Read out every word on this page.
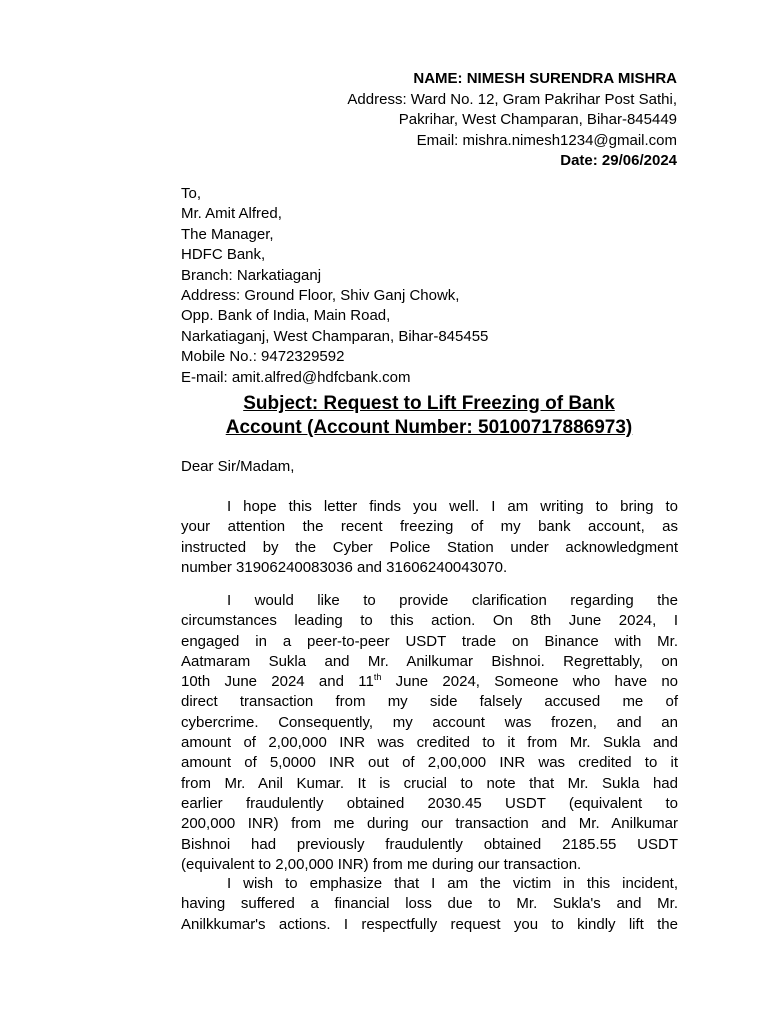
NAME: NIMESH SURENDRA MISHRA
Address: Ward No. 12, Gram Pakrihar Post Sathi,
Pakrihar, West Champaran, Bihar-845449
Email: mishra.nimesh1234@gmail.com
Date: 29/06/2024
To,
Mr. Amit Alfred,
The Manager,
HDFC Bank,
Branch: Narkatiaganj
Address: Ground Floor, Shiv Ganj Chowk,
Opp. Bank of India, Main Road,
Narkatiaganj, West Champaran, Bihar-845455
Mobile No.: 9472329592
E-mail: amit.alfred@hdfcbank.com
Subject: Request to Lift Freezing of Bank
Account (Account Number: 50100717886973)
Dear Sir/Madam,
I hope this letter finds you well. I am writing to bring to
your attention the recent freezing of my bank account, as
instructed by the Cyber Police Station under acknowledgment
number 31906240083036 and 31606240043070.
I would like to provide clarification regarding the
circumstances leading to this action. On 8th June 2024, I
engaged in a peer-to-peer USDT trade on Binance with Mr.
Aatmaram Sukla and Mr. Anilkumar Bishnoi. Regrettably, on
10th June 2024 and 11th June 2024, Someone who have no
direct transaction from my side falsely accused me of
cybercrime. Consequently, my account was frozen, and an
amount of 2,00,000 INR was credited to it from Mr. Sukla and
amount of 5,0000 INR out of 2,00,000 INR was credited to it
from Mr. Anil Kumar. It is crucial to note that Mr. Sukla had
earlier fraudulently obtained 2030.45 USDT (equivalent to
200,000 INR) from me during our transaction and Mr. Anilkumar
Bishnoi had previously fraudulently obtained 2185.55 USDT
(equivalent to 2,00,000 INR) from me during our transaction.
I wish to emphasize that I am the victim in this incident,
having suffered a financial loss due to Mr. Sukla's and Mr.
Anilkkumar's actions. I respectfully request you to kindly lift the
